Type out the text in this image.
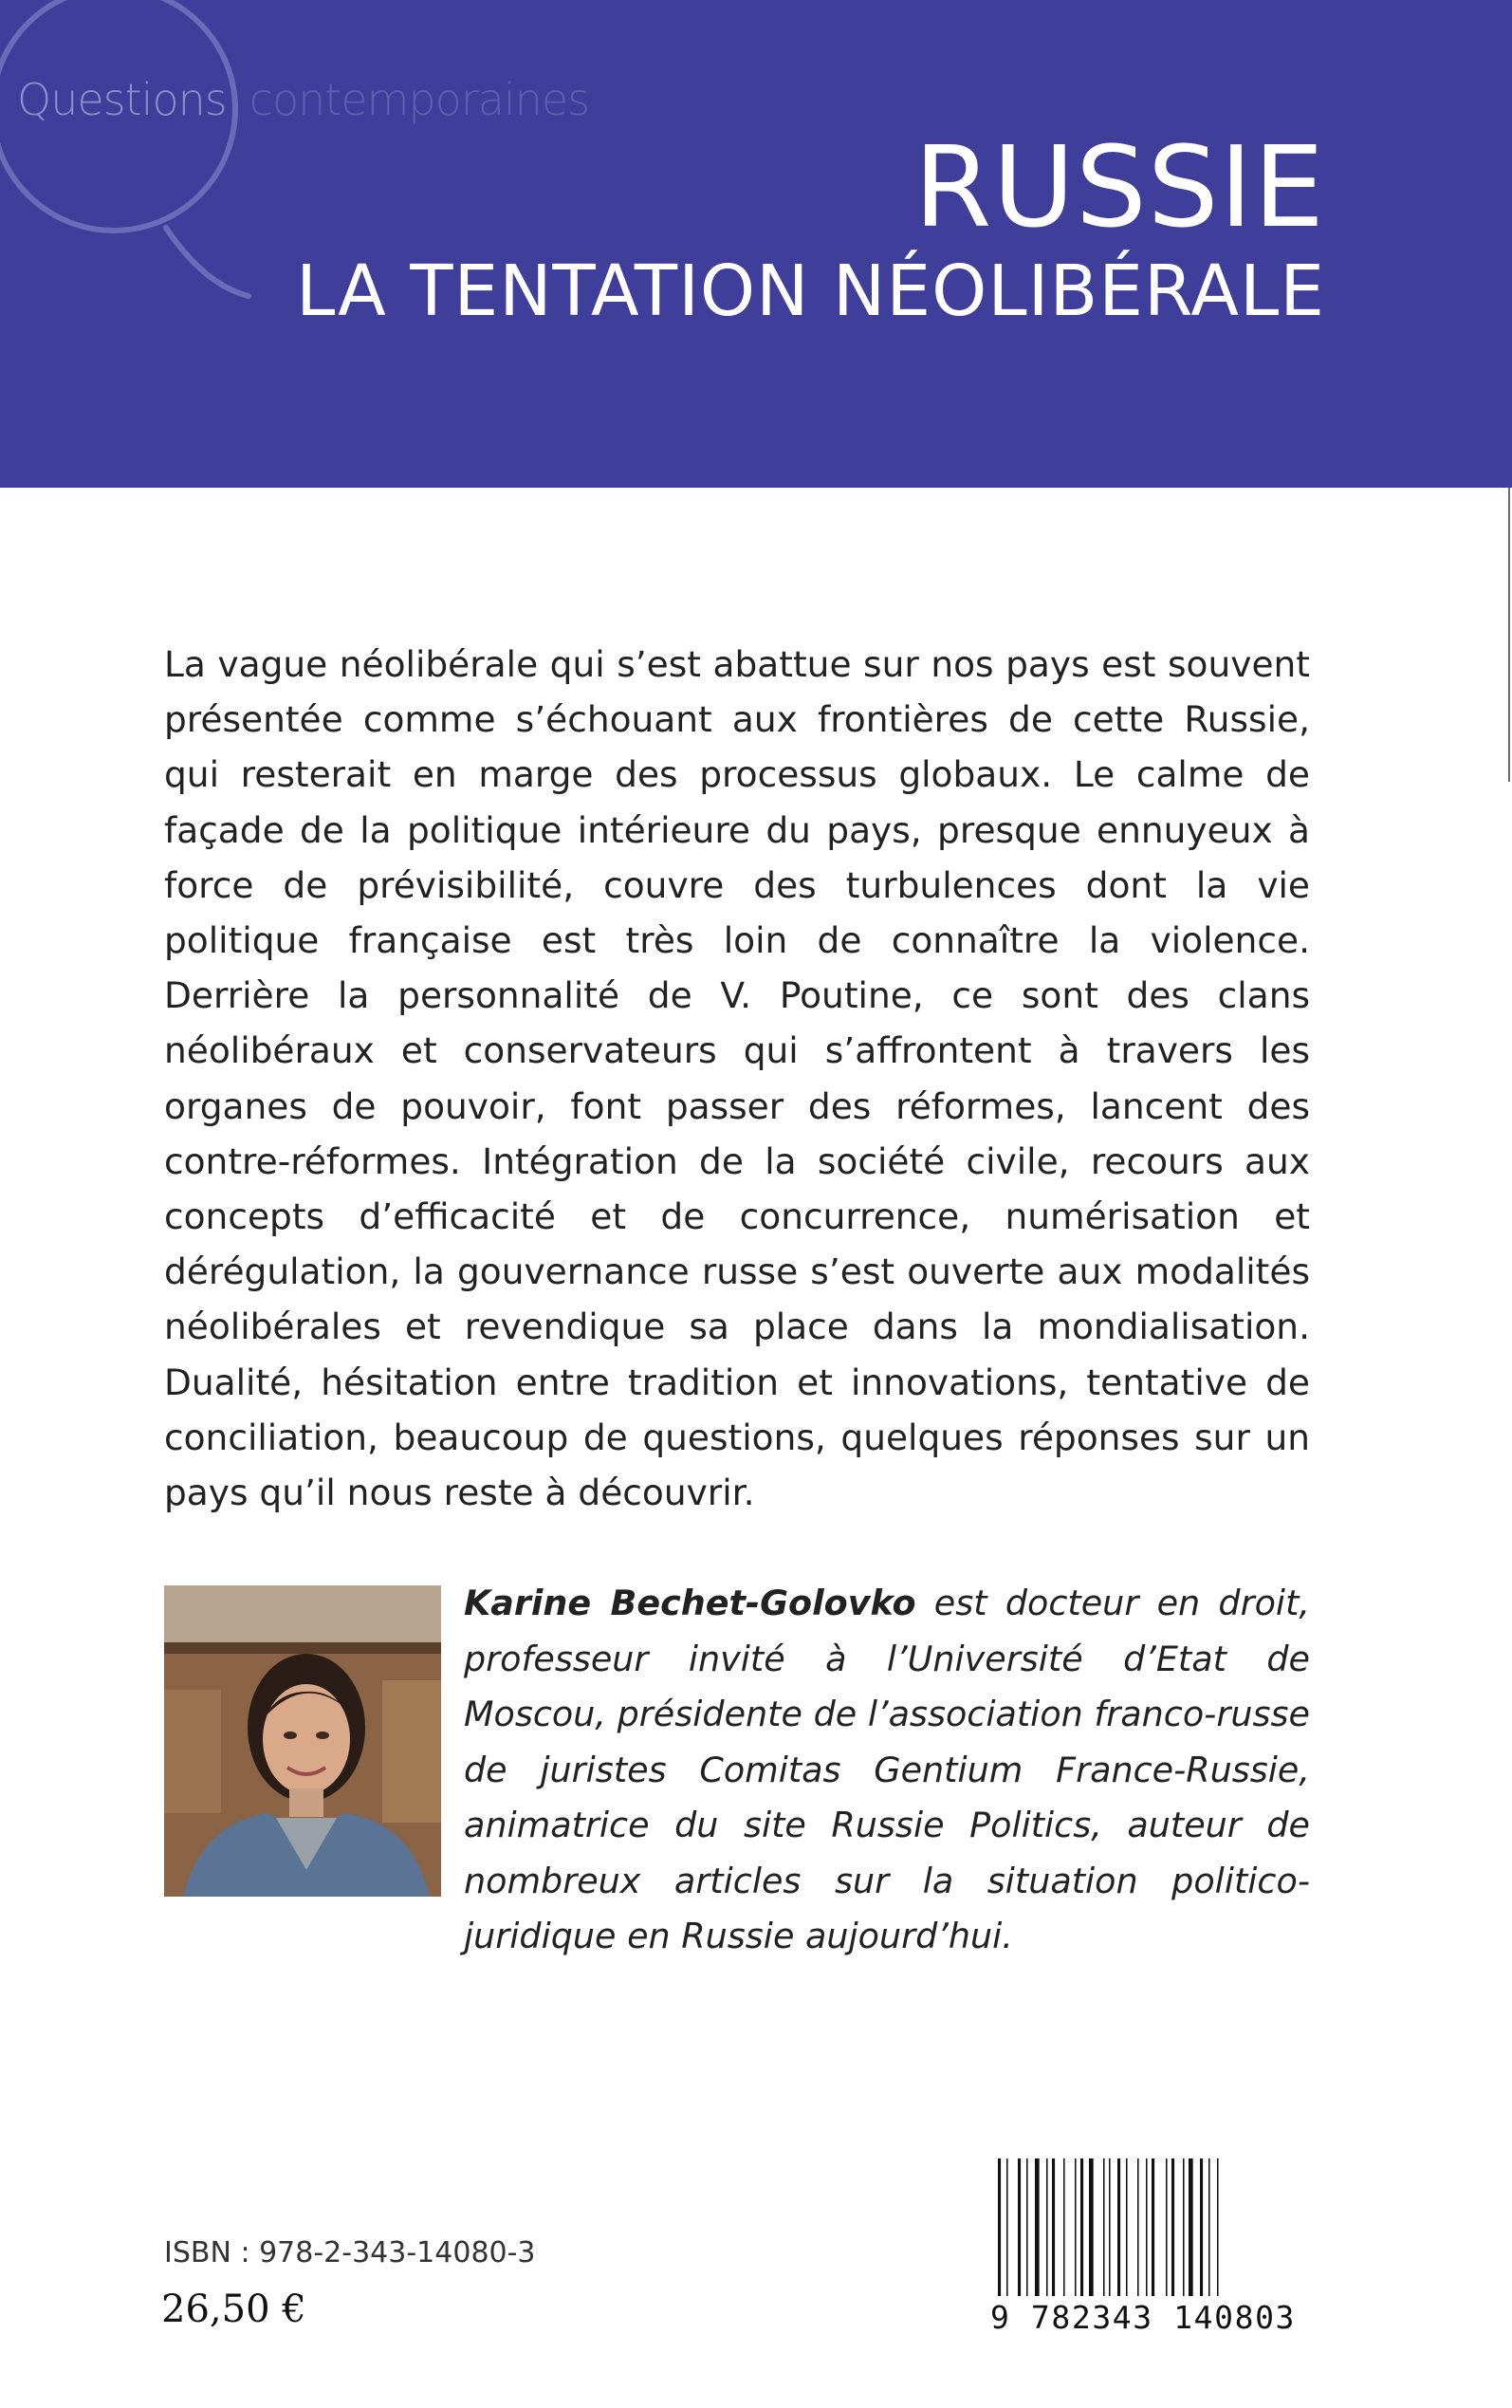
Questions contemporaines

RUSSIE
LA TENTATION NÉOLIBÉRALE

La vague néolibérale qui s’est abattue sur nos pays est souvent présentée comme s’échouant aux frontières de cette Russie, qui resterait en marge des processus globaux. Le calme de façade de la politique intérieure du pays, presque ennuyeux à force de prévisibilité, couvre des turbulences dont la vie politique française est très loin de connaître la violence. Derrière la personnalité de V. Poutine, ce sont des clans néolibéraux et conservateurs qui s’affrontent à travers les organes de pouvoir, font passer des réformes, lancent des contre-réformes. Intégration de la société civile, recours aux concepts d’efficacité et de concurrence, numérisation et dérégulation, la gouvernance russe s’est ouverte aux modalités néolibérales et revendique sa place dans la mondialisation. Dualité, hésitation entre tradition et innovations, tentative de conciliation, beaucoup de questions, quelques réponses sur un pays qu’il nous reste à découvrir.

Karine Bechet-Golovko est docteur en droit, professeur invité à l’Université d’Etat de Moscou, présidente de l’association franco-russe de juristes Comitas Gentium France-Russie, animatrice du site Russie Politics, auteur de nombreux articles sur la situation politico-juridique en Russie aujourd’hui.

ISBN : 978-2-343-14080-3

26,50 €	9 782343 140803
